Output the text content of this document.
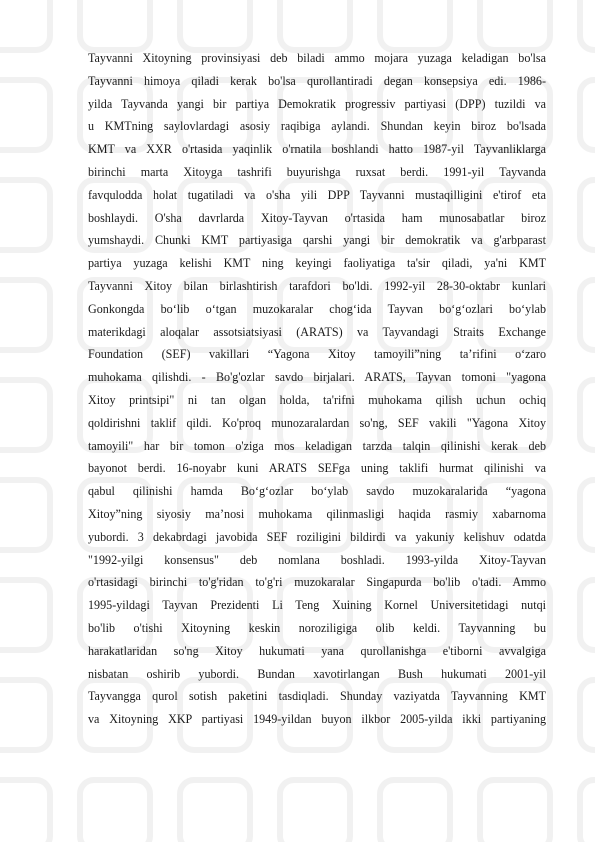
Tayvanni Xitoyning provinsiyasi deb biladi ammo mojara yuzaga keladigan bo'lsa
Tayvanni himoya qiladi kerak bo'lsa qurollantiradi degan konsepsiya edi. 1986-
yilda Tayvanda yangi bir partiya Demokratik progressiv partiyasi (DPP) tuzildi va
u KMTning saylovlardagi asosiy raqibiga aylandi. Shundan keyin biroz bo'lsada
KMT va XXR o'rtasida yaqinlik o'rnatila boshlandi hatto 1987-yil Tayvanliklarga
birinchi marta Xitoyga tashrifi buyurishga ruxsat berdi. 1991-yil Tayvanda
favqulodda holat tugatiladi va o'sha yili DPP Tayvanni mustaqilligini e'tirof eta
boshlaydi. O'sha davrlarda Xitoy-Tayvan o'rtasida ham munosabatlar biroz
yumshaydi. Chunki KMT partiyasiga qarshi yangi bir demokratik va g'arbparast
partiya yuzaga kelishi KMT ning keyingi faoliyatiga ta'sir qiladi, ya'ni KMT
Tayvanni Xitoy bilan birlashtirish tarafdori bo'ldi. 1992-yil 28-30-oktabr kunlari
Gonkongda bo‘lib o‘tgan muzokaralar chog‘ida Tayvan bo‘g‘ozlari bo‘ylab
materikdagi aloqalar assotsiatsiyasi (ARATS) va Tayvandagi Straits Exchange
Foundation (SEF) vakillari “Yagona Xitoy tamoyili”ning ta’rifini o‘zaro
muhokama qilishdi. - Bo'g'ozlar savdo birjalari. ARATS, Tayvan tomoni "yagona
Xitoy printsipi" ni tan olgan holda, ta'rifni muhokama qilish uchun ochiq
qoldirishni taklif qildi. Ko'proq munozaralardan so'ng, SEF vakili "Yagona Xitoy
tamoyili" har bir tomon o'ziga mos keladigan tarzda talqin qilinishi kerak deb
bayonot berdi. 16-noyabr kuni ARATS SEFga uning taklifi hurmat qilinishi va
qabul qilinishi hamda Bo‘g‘ozlar bo‘ylab savdo muzokaralarida “yagona
Xitoy”ning siyosiy ma’nosi muhokama qilinmasligi haqida rasmiy xabarnoma
yubordi. 3 dekabrdagi javobida SEF roziligini bildirdi va yakuniy kelishuv odatda
"1992-yilgi konsensus" deb nomlana boshladi. 1993-yilda Xitoy-Tayvan
o'rtasidagi birinchi to'g'ridan to'g'ri muzokaralar Singapurda bo'lib o'tadi. Ammo
1995-yildagi Tayvan Prezidenti Li Teng Xuining Kornel Universitetidagi nutqi
bo'lib o'tishi Xitoyning keskin noroziligiga olib keldi. Tayvanning bu
harakatlaridan so'ng Xitoy hukumati yana qurollanishga e'tiborni avvalgiga
nisbatan oshirib yubordi. Bundan xavotirlangan Bush hukumati 2001-yil
Tayvangga qurol sotish paketini tasdiqladi. Shunday vaziyatda Tayvanning KMT
va Xitoyning XKP partiyasi 1949-yildan buyon ilkbor 2005-yilda ikki partiyaning
